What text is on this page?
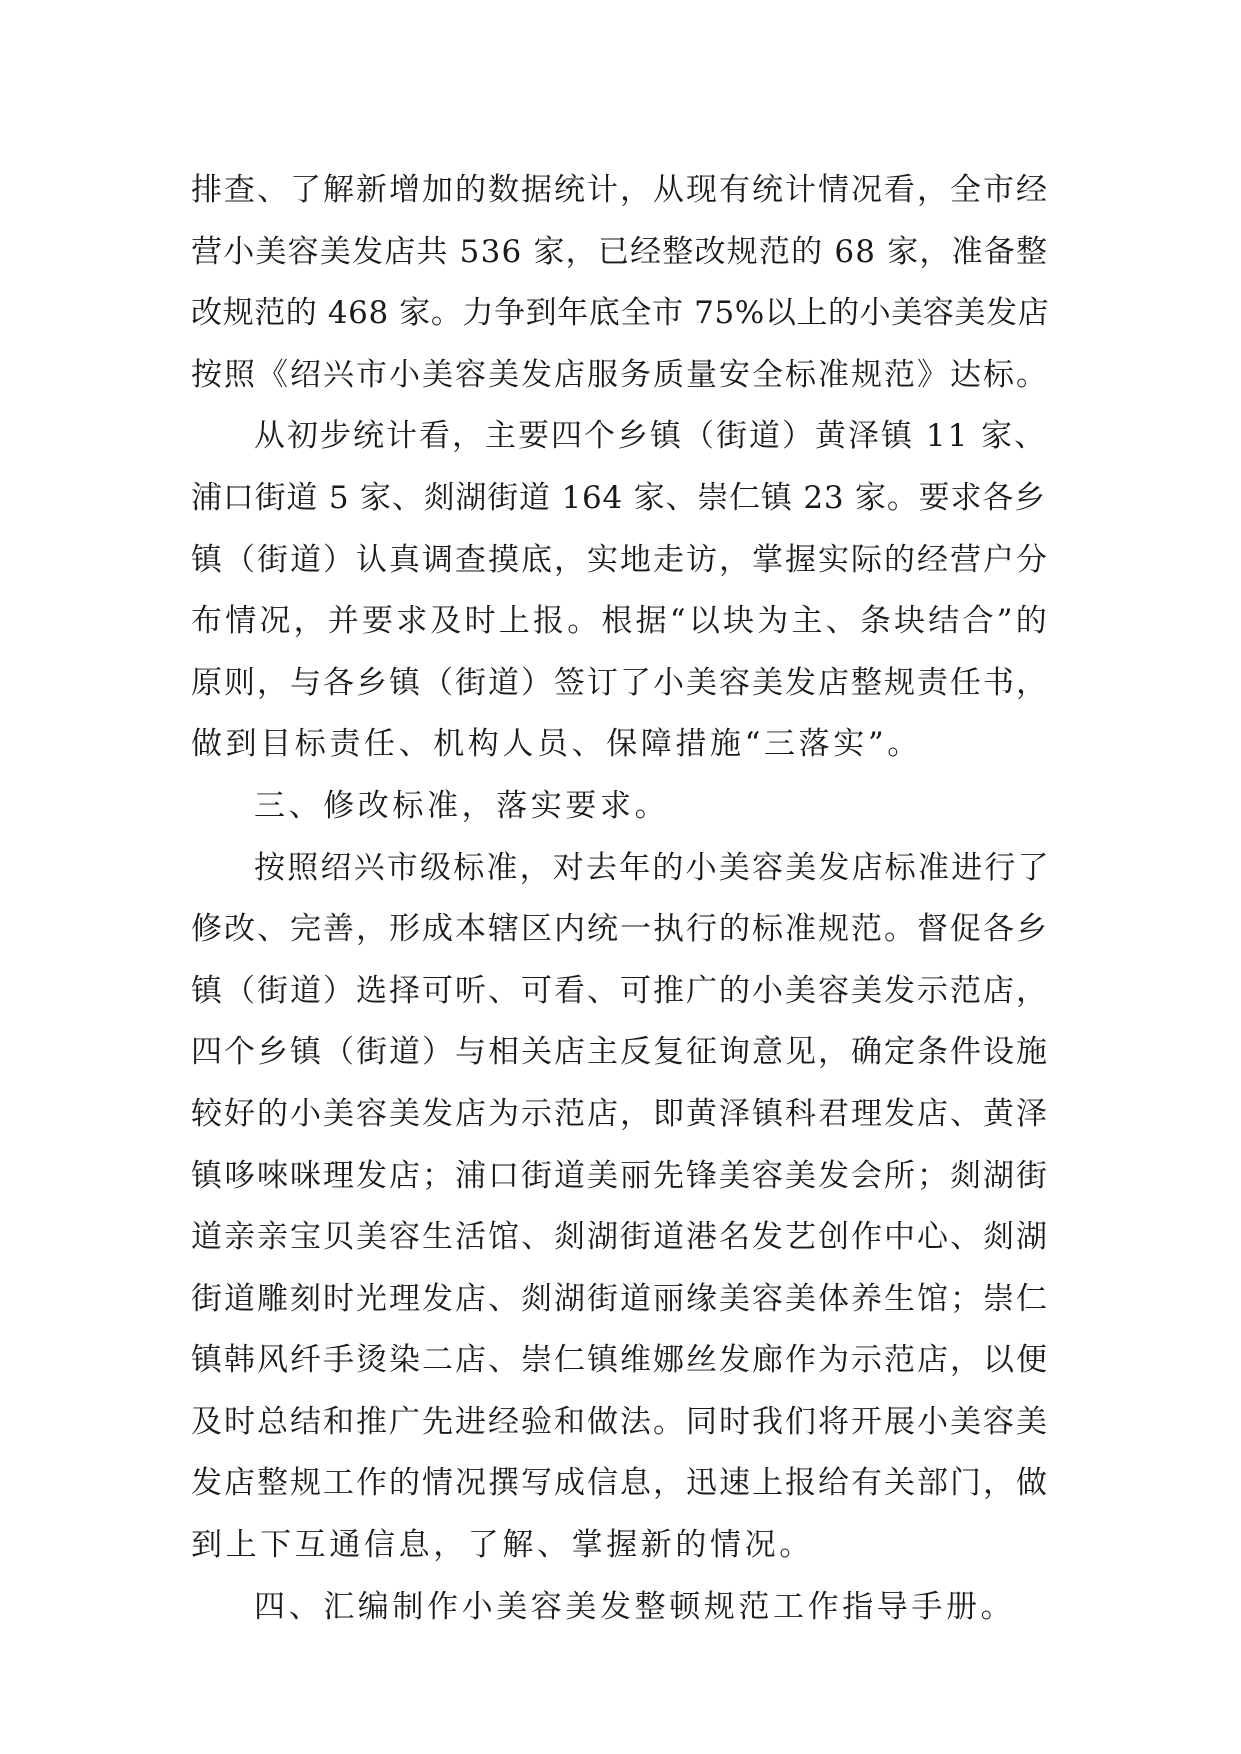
排查、了解新增加的数据统计，从现有统计情况看，全市经
营小美容美发店共 536 家，已经整改规范的 68 家，准备整
改规范的 468 家。力争到年底全市 75%以上的小美容美发店
按照《绍兴市小美容美发店服务质量安全标准规范》达标。
从初步统计看，主要四个乡镇（街道）黄泽镇 11 家、
浦口街道 5 家、剡湖街道 164 家、崇仁镇 23 家。要求各乡
镇（街道）认真调查摸底，实地走访，掌握实际的经营户分
布情况，并要求及时上报。根据“以块为主、条块结合”的
原则，与各乡镇（街道）签订了小美容美发店整规责任书，
做到目标责任、机构人员、保障措施“三落实”。
三、修改标准，落实要求。
按照绍兴市级标准，对去年的小美容美发店标准进行了
修改、完善，形成本辖区内统一执行的标准规范。督促各乡
镇（街道）选择可听、可看、可推广的小美容美发示范店，
四个乡镇（街道）与相关店主反复征询意见，确定条件设施
较好的小美容美发店为示范店，即黄泽镇科君理发店、黄泽
镇哆唻咪理发店；浦口街道美丽先锋美容美发会所；剡湖街
道亲亲宝贝美容生活馆、剡湖街道港名发艺创作中心、剡湖
街道雕刻时光理发店、剡湖街道丽缘美容美体养生馆；崇仁
镇韩风纤手烫染二店、崇仁镇维娜丝发廊作为示范店，以便
及时总结和推广先进经验和做法。同时我们将开展小美容美
发店整规工作的情况撰写成信息，迅速上报给有关部门，做
到上下互通信息，了解、掌握新的情况。
四、汇编制作小美容美发整顿规范工作指导手册。
